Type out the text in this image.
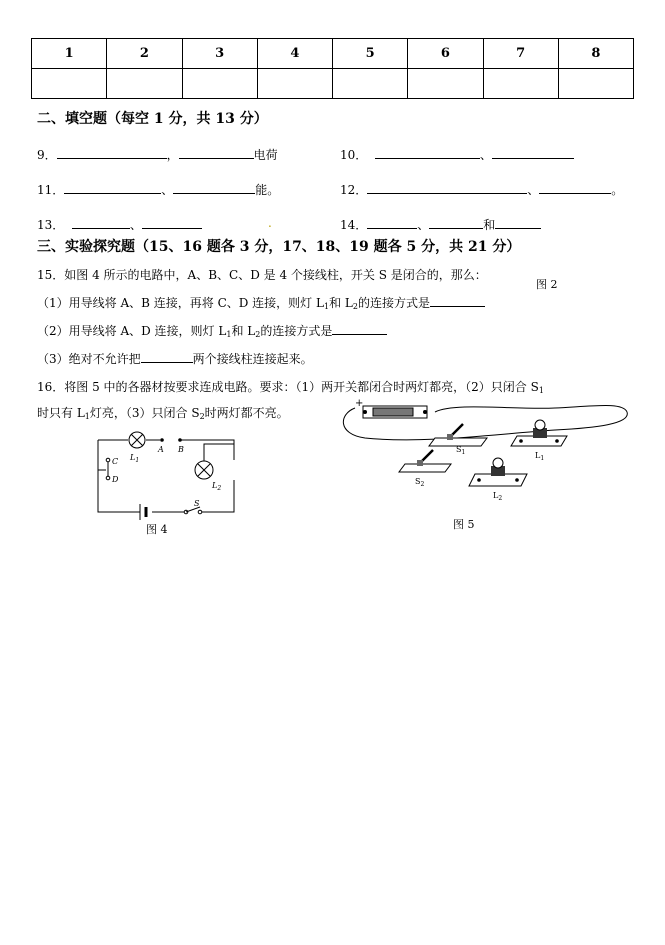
1	2	3	4	5	6	7	8

二、填空题（每空 1 分，共 13 分）
9．	，	电荷	10．	、
11．	、	能。	12．	、	。
13．	、	.	14．	、	和
三、实验探究题（15、16 题各 3 分，17、18、19 题各 5 分，共 21 分）
15．如图 4 所示的电路中，A、B、C、D 是 4 个接线柱，开关 S 是闭合的，那么：
图 2
（1）用导线将 A、B 连接，再将 C、D 连接，则灯 $L_1$和 $L_2$的连接方式是
（2）用导线将 A、D 连接，则灯 $L_1$和 $L_2$的连接方式是
（3）绝对不允许把	两个接线柱连接起来。
16．将图 5 中的各器材按要求连成电路。要求：（1）两开关都闭合时两灯都亮，（2）只闭合 $S_1$
时只有 $L_1$灯亮，（3）只闭合 $S_2$时两灯都不亮。
$L_1$
A B
C
D
$L_2$
S
图 4
+
$S_1$	$L_1$
$S_2$
$L_2$
图 5
